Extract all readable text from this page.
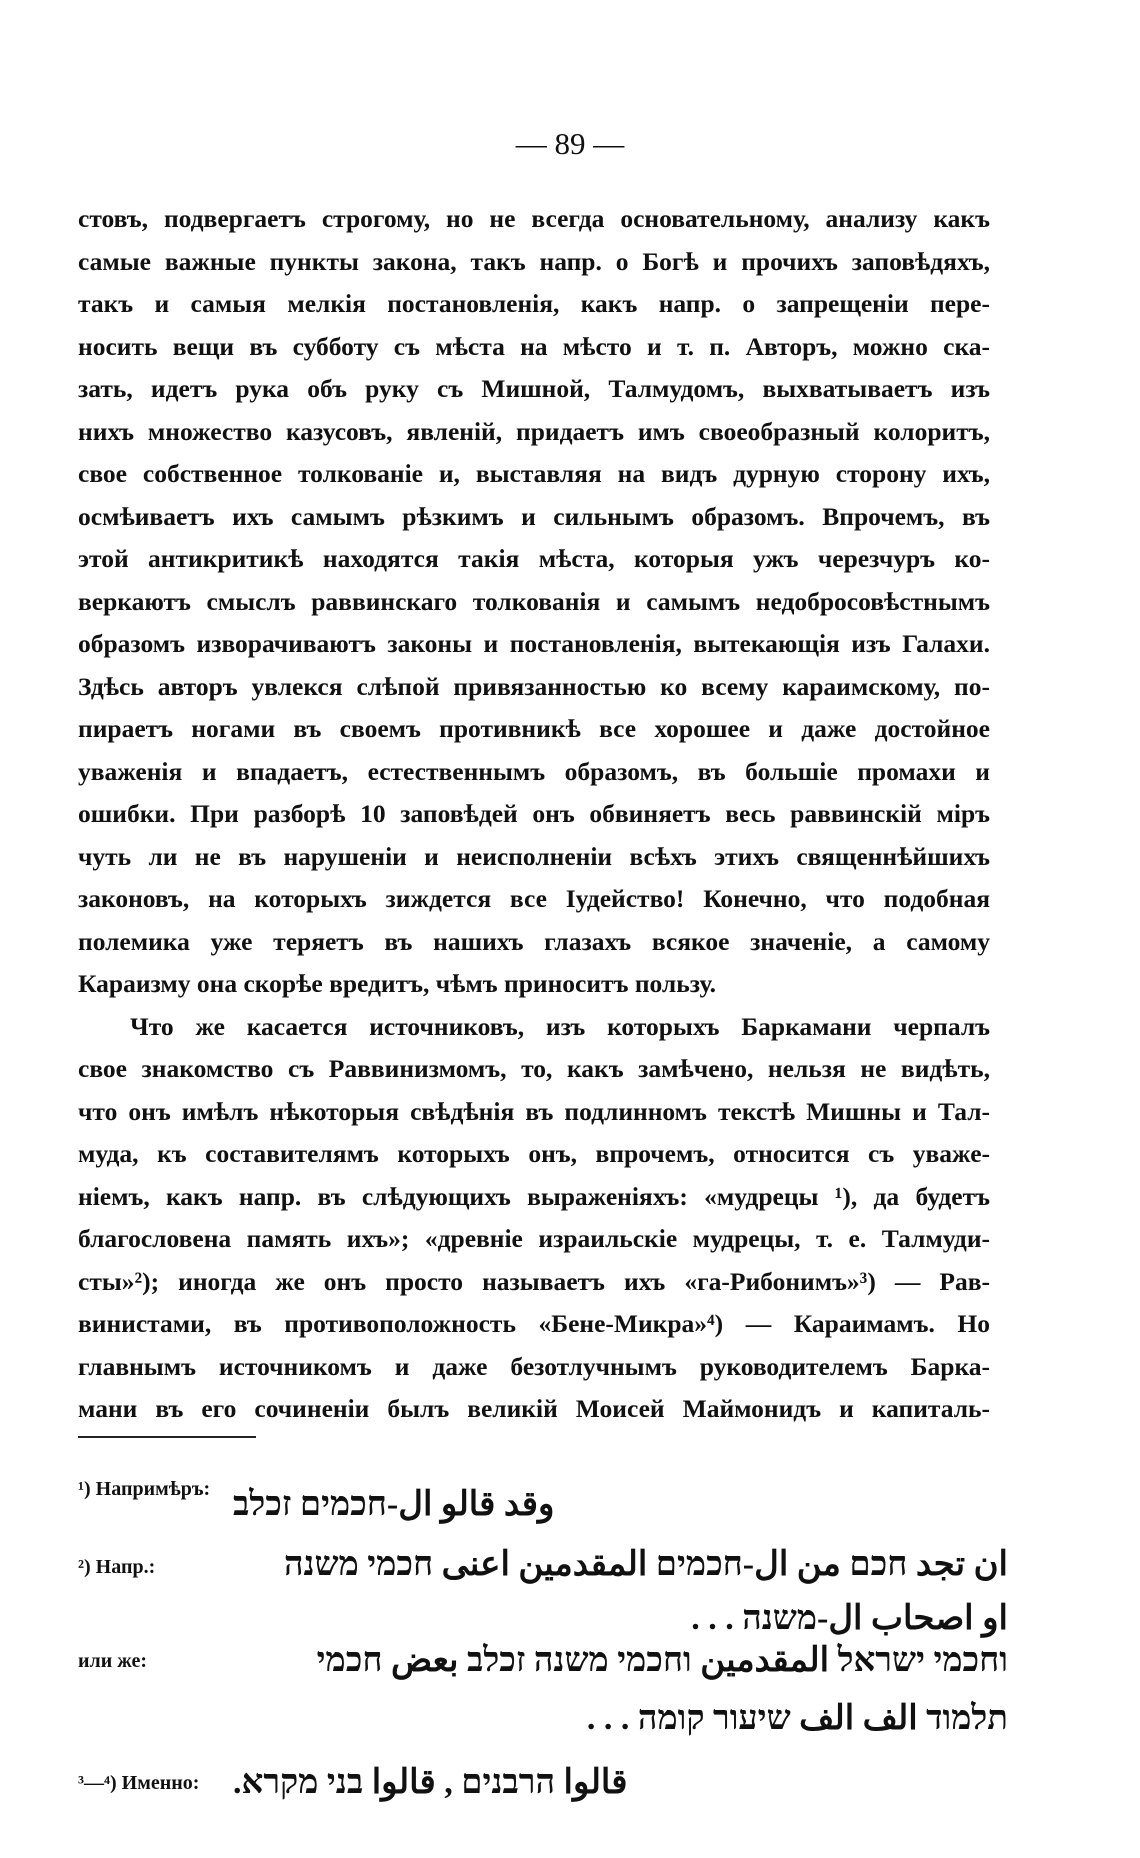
— 89 —
стовъ, подвергаетъ строгому, но не всегда основательному, анализу какъ
самые важные пункты закона, такъ напр. о Богѣ и прочихъ заповѣдяхъ,
такъ и самыя мелкія постановленія, какъ напр. о запрещеніи пере-
носить вещи въ субботу съ мѣста на мѣсто и т. п. Авторъ, можно ска-
зать, идетъ рука объ руку съ Мишной, Талмудомъ, выхватываетъ изъ
нихъ множество казусовъ, явленій, придаетъ имъ своеобразный колоритъ,
свое собственное толкованіе и, выставляя на видъ дурную сторону ихъ,
осмѣиваетъ ихъ самымъ рѣзкимъ и сильнымъ образомъ. Впрочемъ, въ
этой антикритикѣ находятся такія мѣста, которыя ужъ черезчуръ ко-
веркаютъ смыслъ раввинскаго толкованія и самымъ недобросовѣстнымъ
образомъ изворачиваютъ законы и постановленія, вытекающія изъ Галахи.
Здѣсь авторъ увлекся слѣпой привязанностью ко всему караимскому, по-
пираетъ ногами въ своемъ противникѣ все хорошее и даже достойное
уваженія и впадаетъ, естественнымъ образомъ, въ большіе промахи и
ошибки. При разборѣ 10 заповѣдей онъ обвиняетъ весь раввинскій міръ
чуть ли не въ нарушеніи и неисполненіи всѣхъ этихъ священнѣйшихъ
законовъ, на которыхъ зиждется все Іудейство! Конечно, что подобная
полемика уже теряетъ въ нашихъ глазахъ всякое значеніе, а самому
Караизму она скорѣе вредитъ, чѣмъ приноситъ пользу.
Что же касается источниковъ, изъ которыхъ Баркамани черпалъ
свое знакомство съ Раввинизмомъ, то, какъ замѣчено, нельзя не видѣть,
что онъ имѣлъ нѣкоторыя свѣдѣнія въ подлинномъ текстѣ Мишны и Тал-
муда, къ составителямъ которыхъ онъ, впрочемъ, относится съ уваже-
ніемъ, какъ напр. въ слѣдующихъ выраженіяхъ: «мудрецы ¹), да будетъ
благословена память ихъ»; «древніе израильскіе мудрецы, т. е. Талмуди-
сты»²); иногда же онъ просто называетъ ихъ «га-Рибонимъ»³) — Рав-
винистами, въ противоположность «Бене-Микра»⁴) — Караимамъ. Но
главнымъ источникомъ и даже безотлучнымъ руководителемъ Барка-
мани въ его сочиненіи былъ великій Моисей Маймонидъ и капиталь-
¹) Напримѣръ: وقد قالو ال-חכמים זכלב
²) Напр.:	ان تجد חכם من ال-חכמים المقدمين اعنى חכמי משנה
او اصحاب ال-משנה . . .
или же:	וחכמי ישראל المقدمين וחכמי משנה זכלב بعض חכמי
תלמוד الف الف שיעור קומה . . .
³—⁴) Именно: قالوا הרבנים , قالوا בני מקרא.
